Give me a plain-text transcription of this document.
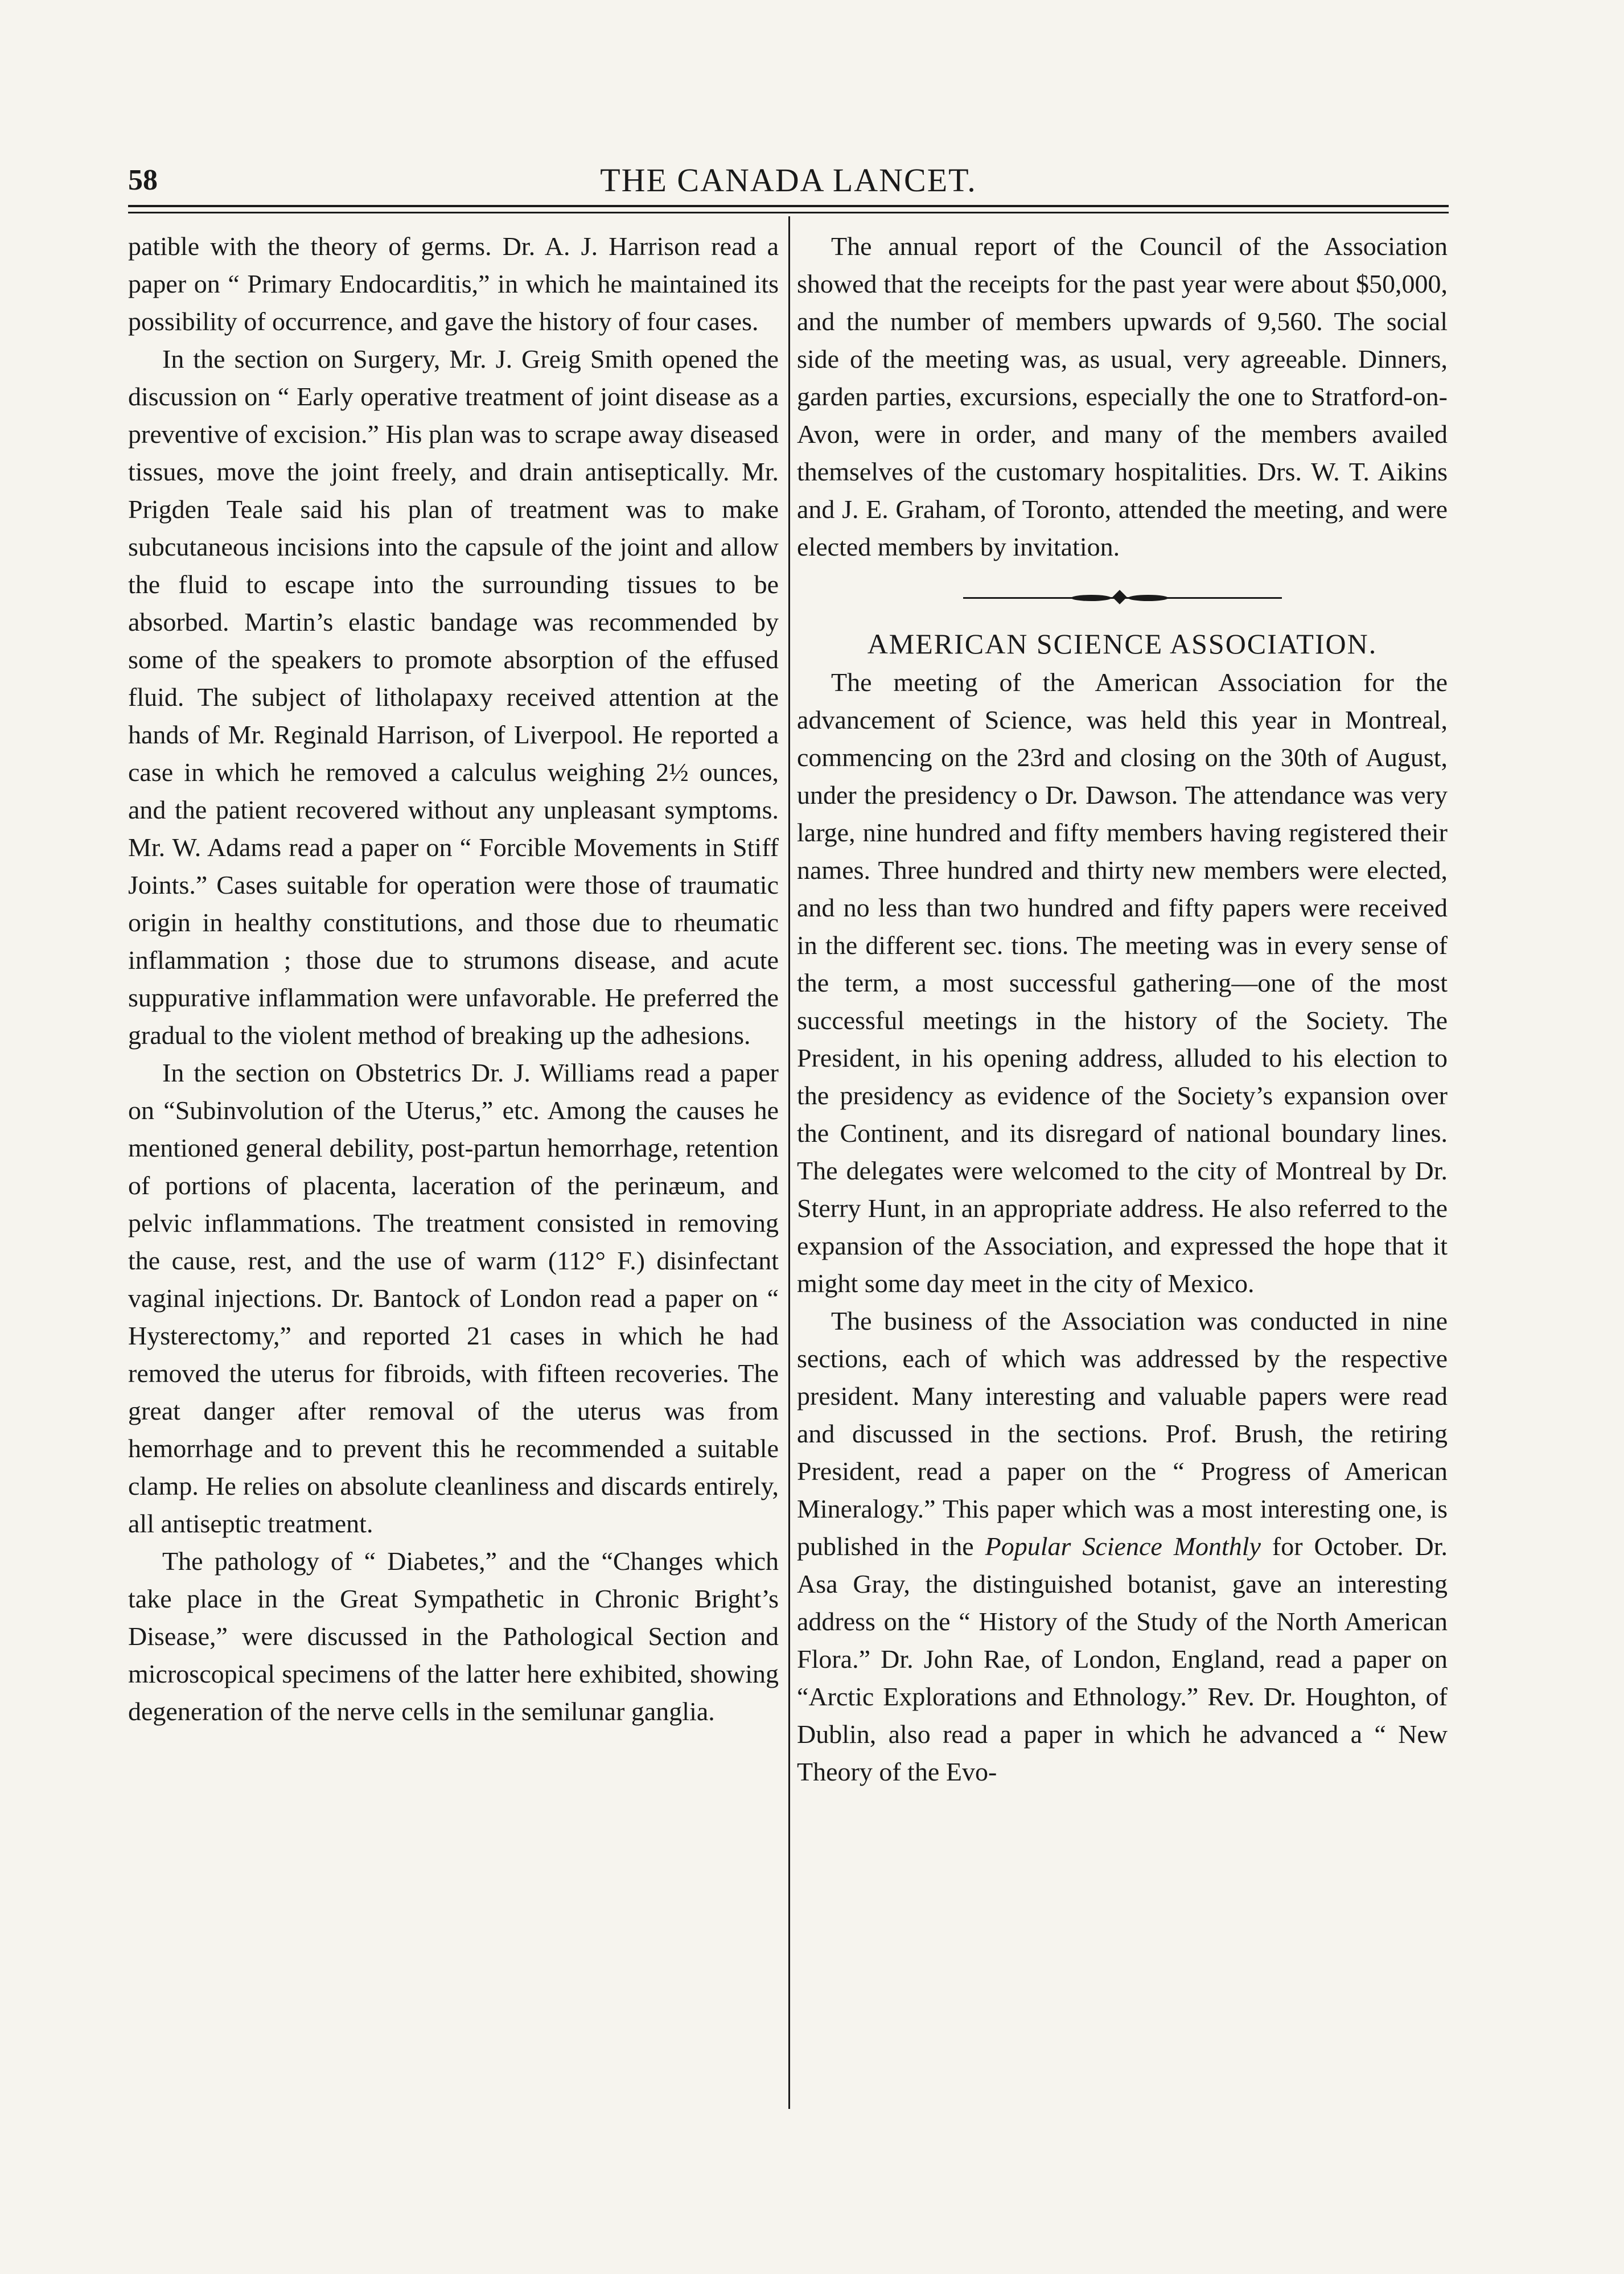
58	THE CANADA LANCET.

patible with the theory of germs. Dr. A. J. Harrison read a paper on “ Primary Endocarditis,” in which he maintained its possibility of occurrence, and gave the history of four cases.

In the section on Surgery, Mr. J. Greig Smith opened the discussion on “ Early operative treatment of joint disease as a preventive of excision.” His plan was to scrape away diseased tissues, move the joint freely, and drain antiseptically. Mr. Prigden Teale said his plan of treatment was to make subcutaneous incisions into the capsule of the joint and allow the fluid to escape into the surrounding tissues to be absorbed. Martin’s elastic bandage was recommended by some of the speakers to promote absorption of the effused fluid. The subject of litholapaxy received attention at the hands of Mr. Reginald Harrison, of Liverpool. He reported a case in which he removed a calculus weighing 2½ ounces, and the patient recovered without any unpleasant symptoms. Mr. W. Adams read a paper on “ Forcible Movements in Stiff Joints.” Cases suitable for operation were those of traumatic origin in healthy constitutions, and those due to rheumatic inflammation ; those due to strumons disease, and acute suppurative inflammation were unfavorable. He preferred the gradual to the violent method of breaking up the adhesions.

In the section on Obstetrics Dr. J. Williams read a paper on “Subinvolution of the Uterus,” etc. Among the causes he mentioned general debility, post-partun hemorrhage, retention of portions of placenta, laceration of the perinæum, and pelvic inflammations. The treatment consisted in removing the cause, rest, and the use of warm (112° F.) disinfectant vaginal injections. Dr. Bantock of London read a paper on “ Hysterectomy,” and reported 21 cases in which he had removed the uterus for fibroids, with fifteen recoveries. The great danger after removal of the uterus was from hemorrhage and to prevent this he recommended a suitable clamp. He relies on absolute cleanliness and discards entirely, all antiseptic treatment.

The pathology of “ Diabetes,” and the “Changes which take place in the Great Sympathetic in Chronic Bright’s Disease,” were discussed in the Pathological Section and microscopical specimens of the latter here exhibited, showing degeneration of the nerve cells in the semilunar ganglia.

The annual report of the Council of the Association showed that the receipts for the past year were about $50,000, and the number of members upwards of 9,560. The social side of the meeting was, as usual, very agreeable. Dinners, garden parties, excursions, especially the one to Stratford-on-Avon, were in order, and many of the members availed themselves of the customary hospitalities. Drs. W. T. Aikins and J. E. Graham, of Toronto, attended the meeting, and were elected members by invitation.

AMERICAN SCIENCE ASSOCIATION.

The meeting of the American Association for the advancement of Science, was held this year in Montreal, commencing on the 23rd and closing on the 30th of August, under the presidency o Dr. Dawson. The attendance was very large, nine hundred and fifty members having registered their names. Three hundred and thirty new members were elected, and no less than two hundred and fifty papers were received in the different sec. tions. The meeting was in every sense of the term, a most successful gathering—one of the most successful meetings in the history of the Society. The President, in his opening address, alluded to his election to the presidency as evidence of the Society’s expansion over the Continent, and its disregard of national boundary lines. The delegates were welcomed to the city of Montreal by Dr. Sterry Hunt, in an appropriate address. He also referred to the expansion of the Association, and expressed the hope that it might some day meet in the city of Mexico.

The business of the Association was conducted in nine sections, each of which was addressed by the respective president. Many interesting and valuable papers were read and discussed in the sections. Prof. Brush, the retiring President, read a paper on the “ Progress of American Mineralogy.” This paper which was a most interesting one, is published in the Popular Science Monthly for October. Dr. Asa Gray, the distinguished botanist, gave an interesting address on the “ History of the Study of the North American Flora.” Dr. John Rae, of London, England, read a paper on “Arctic Explorations and Ethnology.” Rev. Dr. Houghton, of Dublin, also read a paper in which he advanced a “ New Theory of the Evo-
